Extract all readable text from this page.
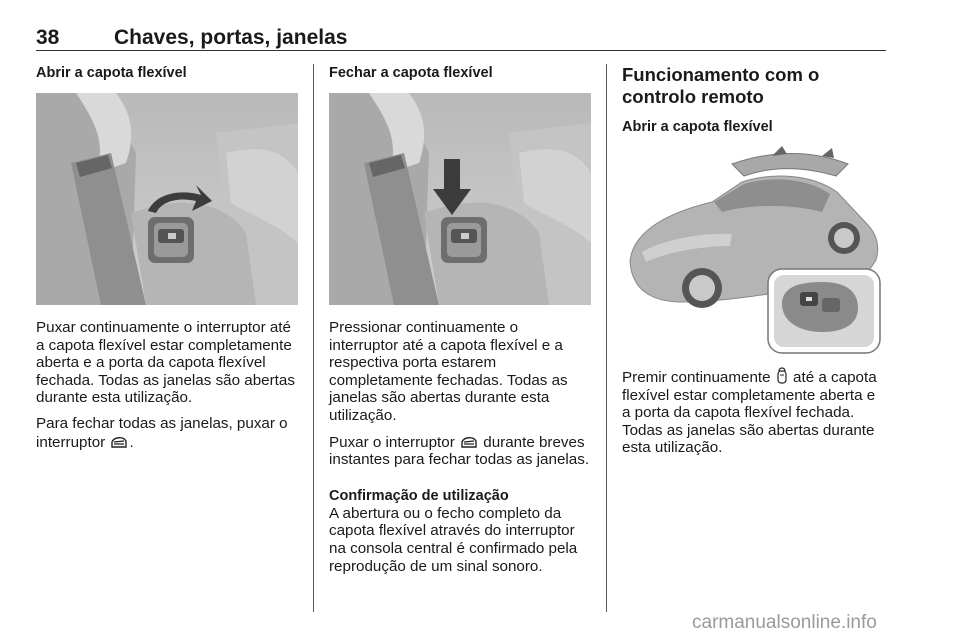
38	Chaves, portas, janelas
Abrir a capota flexível

Puxar continuamente o interruptor até a capota flexível estar completamente aberta e a porta da capota flexível fechada. Todas as janelas são abertas durante esta utilização.

Para fechar todas as janelas, puxar o interruptor .

Fechar a capota flexível

Pressionar continuamente o interruptor até a capota flexível e a respectiva porta estarem completamente fechadas. Todas as janelas são abertas durante esta utilização.

Puxar o interruptor durante breves instantes para fechar todas as janelas.

Confirmação de utilização

A abertura ou o fecho completo da capota flexível através do interruptor na consola central é confirmado pela reprodução de um sinal sonoro.

Funcionamento com o controlo remoto
Abrir a capota flexível

Premir continuamente até a capota flexível estar completamente aberta e a porta da capota flexível fechada. Todas as janelas são abertas durante esta utilização.

carmanualsonline.info
